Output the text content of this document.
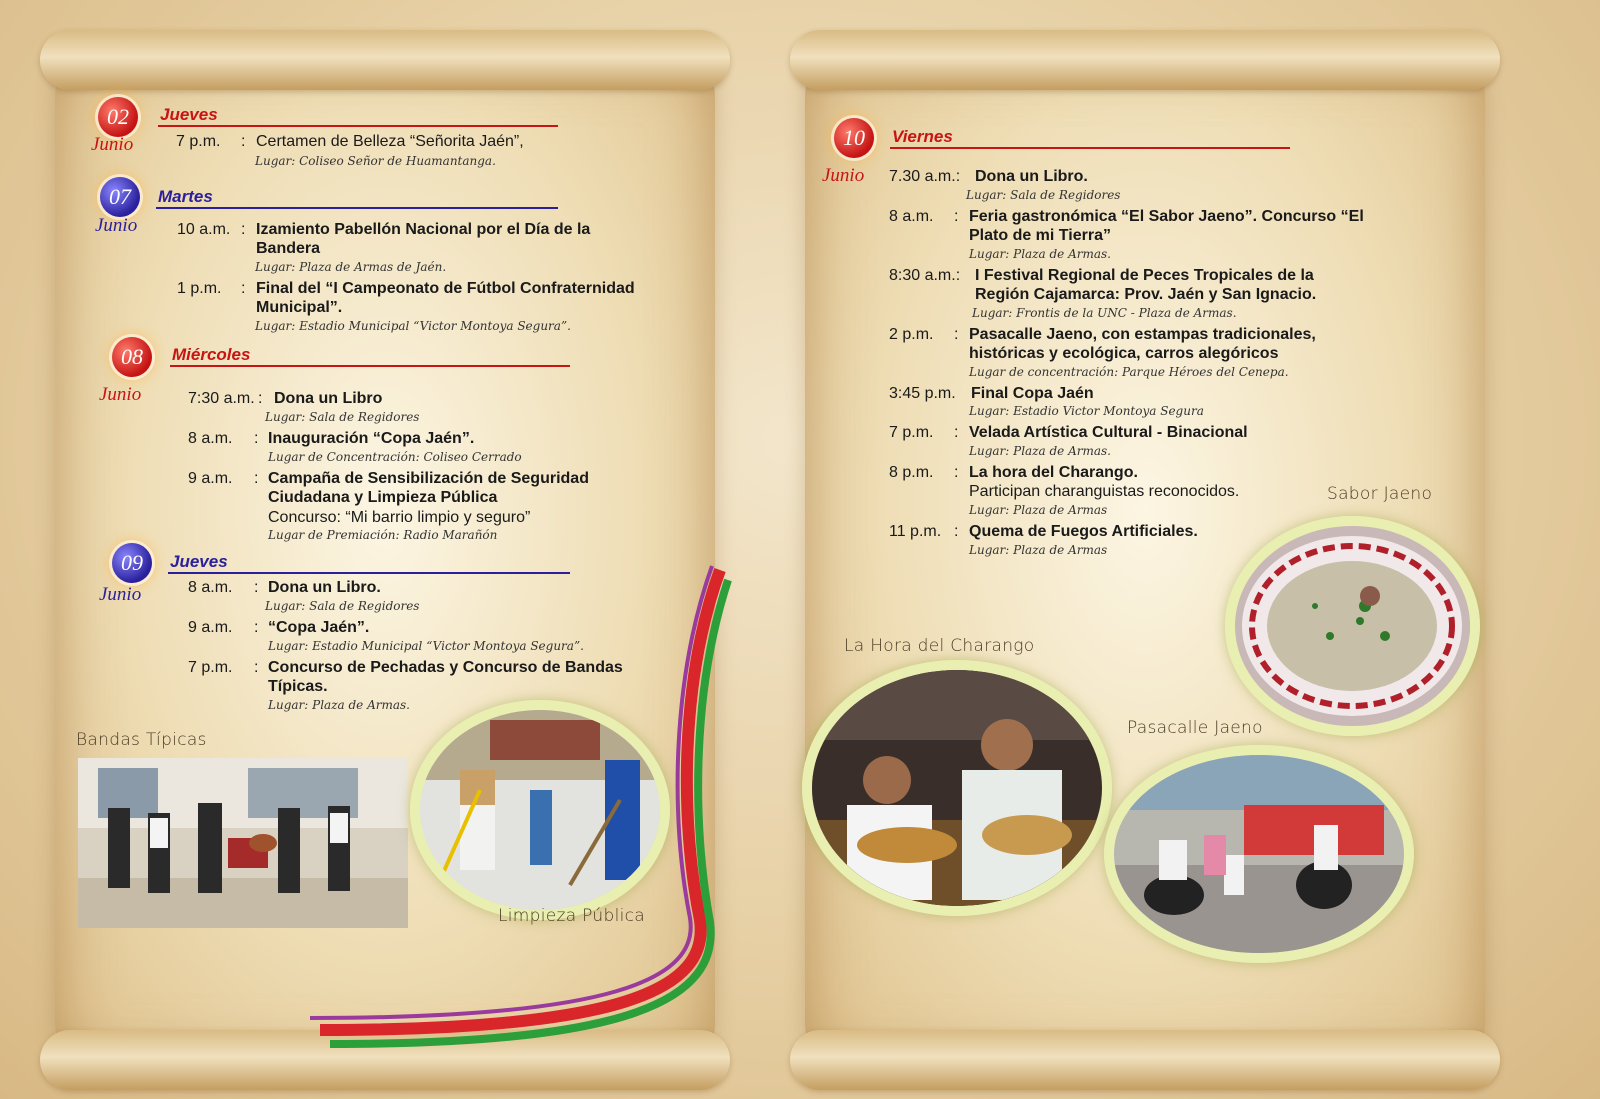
02
Junio
Jueves
7 p.m. : Certamen de Belleza “Señorita Jaén”,
Lugar: Coliseo Señor de Huamantanga.
07
Junio
Martes
10 a.m. : Izamiento Pabellón Nacional por el Día de la Bandera
Lugar: Plaza de Armas de Jaén.
1 p.m. : Final del “I Campeonato de Fútbol Confraternidad Municipal”.
Lugar: Estadio Municipal “Victor Montoya Segura”.
08
Junio
Miércoles
7:30 a.m. : Dona un Libro
Lugar: Sala de Regidores
8 a.m. : Inauguración “Copa Jaén”.
Lugar de Concentración: Coliseo Cerrado
9 a.m. : Campaña de Sensibilización de Seguridad Ciudadana y Limpieza Pública
Concurso: “Mi barrio limpio y seguro”
Lugar de Premiación: Radio Marañón
09
Junio
Jueves
8 a.m. : Dona un Libro.
Lugar: Sala de Regidores
9 a.m. : “Copa Jaén”.
Lugar: Estadio Municipal “Victor Montoya Segura”.
7 p.m. : Concurso de Pechadas y Concurso de Bandas Típicas.
Lugar: Plaza de Armas.
Bandas Típicas
Limpieza Pública
10
Junio
Viernes
7.30 a.m.: Dona un Libro.
Lugar: Sala de Regidores
8 a.m. : Feria gastronómica “El Sabor Jaeno”. Concurso “El Plato de mi Tierra”
Lugar: Plaza de Armas.
8:30 a.m.: I Festival Regional de Peces Tropicales de la Región Cajamarca: Prov. Jaén y San Ignacio.
Lugar: Frontis de la UNC - Plaza de Armas.
2 p.m. : Pasacalle Jaeno, con estampas tradicionales, históricas y ecológica, carros alegóricos
Lugar de concentración: Parque Héroes del Cenepa.
3:45 p.m. Final Copa Jaén
Lugar: Estadio Victor Montoya Segura
7 p.m. : Velada Artística Cultural - Binacional
Lugar: Plaza de Armas.
8 p.m. : La hora del Charango.
Participan charanguistas reconocidos.
Lugar: Plaza de Armas
11 p.m. : Quema de Fuegos Artificiales.
Lugar: Plaza de Armas
Sabor Jaeno
La Hora del Charango
Pasacalle Jaeno
